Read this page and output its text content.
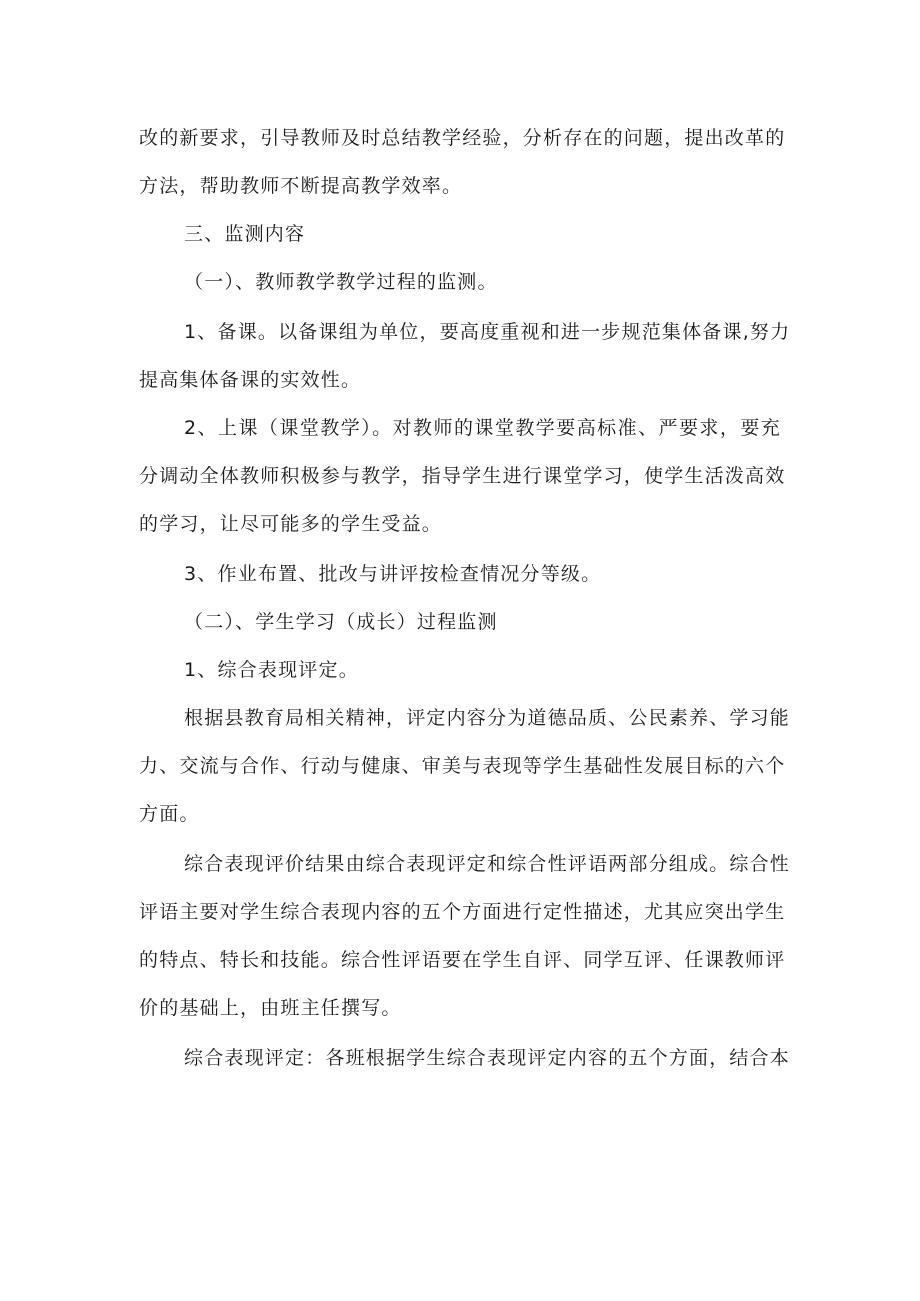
改的新要求，引导教师及时总结教学经验，分析存在的问题，提出改革的
方法，帮助教师不断提高教学效率。
三、监测内容
（一）、教师教学教学过程的监测。
1、备课。以备课组为单位，要高度重视和进一步规范集体备课,努力
提高集体备课的实效性。
2、上课（课堂教学）。对教师的课堂教学要高标准、严要求，要充
分调动全体教师积极参与教学，指导学生进行课堂学习，使学生活泼高效
的学习，让尽可能多的学生受益。
3、作业布置、批改与讲评按检查情况分等级。
（二）、学生学习（成长）过程监测
1、综合表现评定。
根据县教育局相关精神，评定内容分为道德品质、公民素养、学习能
力、交流与合作、行动与健康、审美与表现等学生基础性发展目标的六个
方面。
综合表现评价结果由综合表现评定和综合性评语两部分组成。综合性
评语主要对学生综合表现内容的五个方面进行定性描述，尤其应突出学生
的特点、特长和技能。综合性评语要在学生自评、同学互评、任课教师评
价的基础上，由班主任撰写。
综合表现评定：各班根据学生综合表现评定内容的五个方面，结合本
